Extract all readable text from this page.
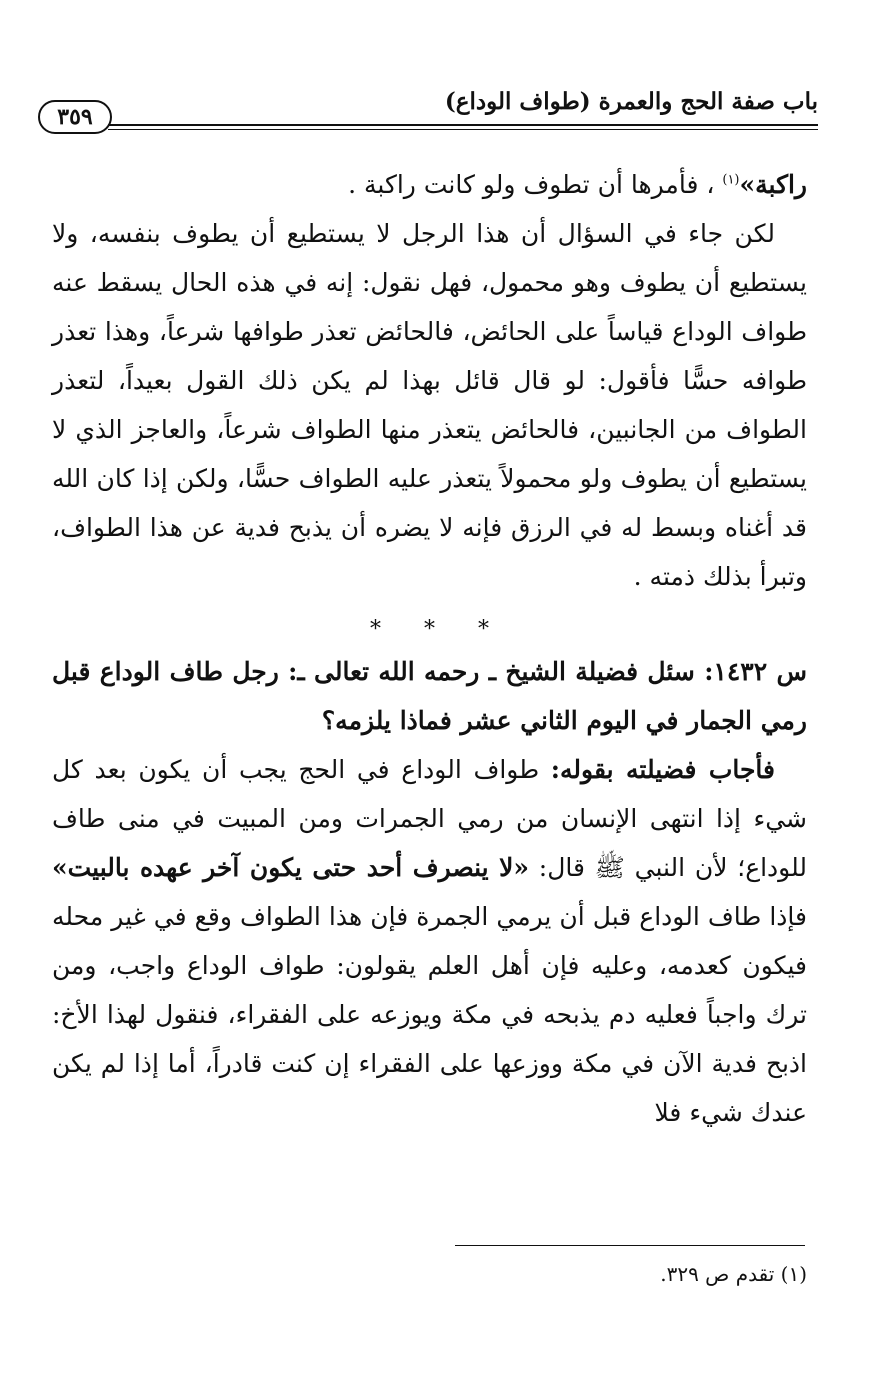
٣٥٩
باب صفة الحج والعمرة (طواف الوداع)

راكبة»$^{(١)}$ ، فأمرها أن تطوف ولو كانت راكبة .

لكن جاء في السؤال أن هذا الرجل لا يستطيع أن يطوف بنفسه، ولا يستطيع أن يطوف وهو محمول، فهل نقول: إنه في هذه الحال يسقط عنه طواف الوداع قياساً على الحائض، فالحائض تعذر طوافها شرعاً، وهذا تعذر طوافه حسًّا فأقول: لو قال قائل بهذا لم يكن ذلك القول بعيداً، لتعذر الطواف من الجانبين، فالحائض يتعذر منها الطواف شرعاً، والعاجز الذي لا يستطيع أن يطوف ولو محمولاً يتعذر عليه الطواف حسًّا، ولكن إذا كان الله قد أغناه وبسط له في الرزق فإنه لا يضره أن يذبح فدية عن هذا الطواف، وتبرأ بذلك ذمته .

* * *

س ١٤٣٢: سئل فضيلة الشيخ ـ رحمه الله تعالى ـ: رجل طاف الوداع قبل رمي الجمار في اليوم الثاني عشر فماذا يلزمه؟

فأجاب فضيلته بقوله: طواف الوداع في الحج يجب أن يكون بعد كل شيء إذا انتهى الإنسان من رمي الجمرات ومن المبيت في منى طاف للوداع؛ لأن النبي ﷺ قال: «لا ينصرف أحد حتى يكون آخر عهده بالبيت» فإذا طاف الوداع قبل أن يرمي الجمرة فإن هذا الطواف وقع في غير محله فيكون كعدمه، وعليه فإن أهل العلم يقولون: طواف الوداع واجب، ومن ترك واجباً فعليه دم يذبحه في مكة ويوزعه على الفقراء، فنقول لهذا الأخ: اذبح فدية الآن في مكة ووزعها على الفقراء إن كنت قادراً، أما إذا لم يكن عندك شيء فلا

(١) تقدم ص ٣٢٩.
